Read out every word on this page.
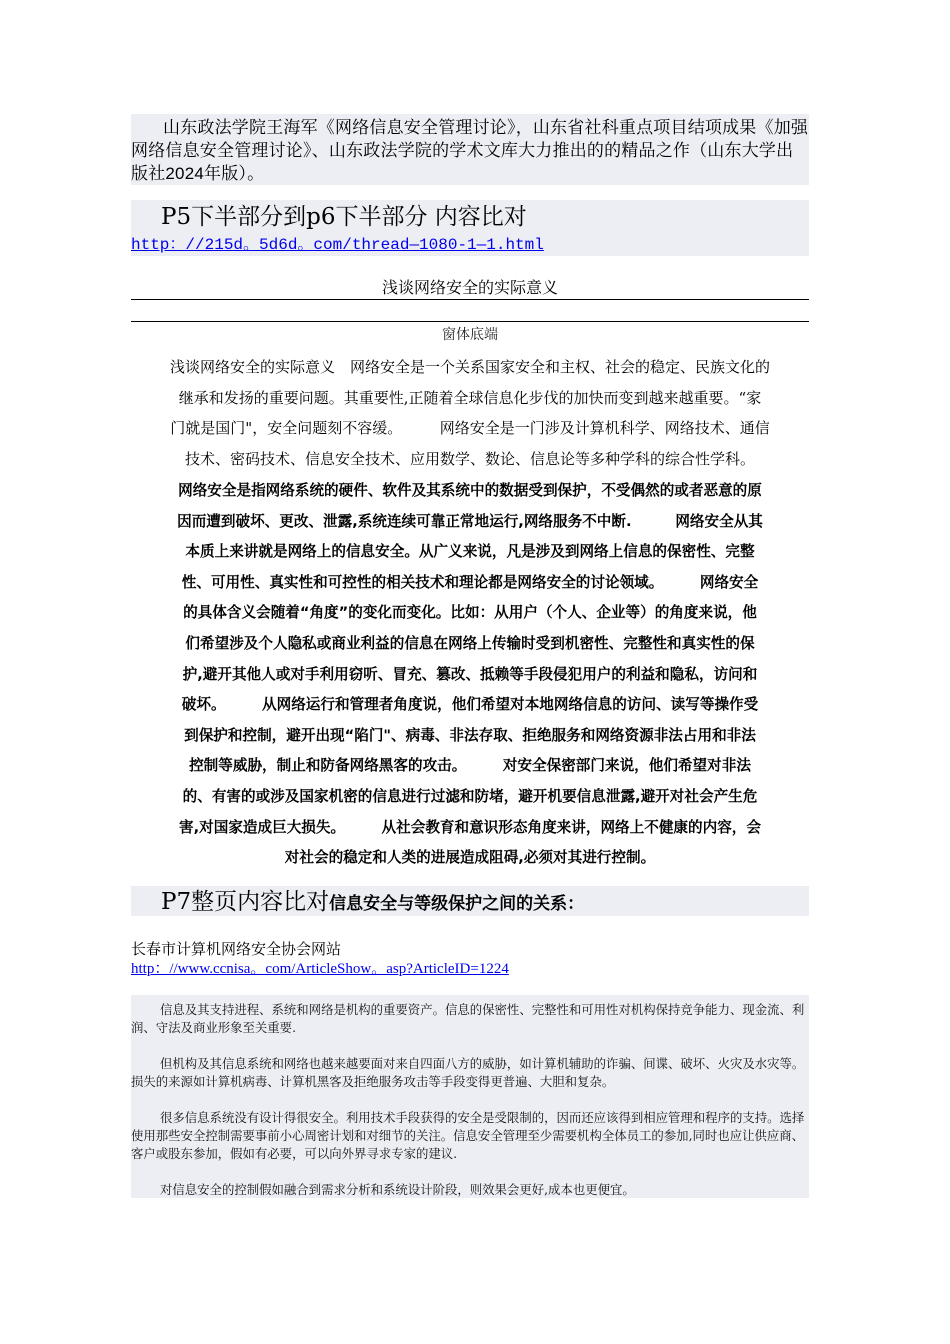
山东政法学院王海军《网络信息安全管理讨论》，山东省社科重点项目结项成果《加强网络信息安全管理讨论》、山东政法学院的学术文库大力推出的的精品之作（山东大学出版社2024年版）。

P5下半部分到p6下半部分 内容比对
http：//215d。5d6d。com/thread—1080-1—1.html
浅谈网络安全的实际意义
窗体底端
浅谈网络安全的实际意义　网络安全是一个关系国家安全和主权、社会的稳定、民族文化的
继承和发扬的重要问题。其重要性,正随着全球信息化步伐的加快而变到越来越重要。“家
门就是国门"，安全问题刻不容缓。　　　网络安全是一门涉及计算机科学、网络技术、通信
技术、密码技术、信息安全技术、应用数学、数论、信息论等多种学科的综合性学科。
网络安全是指网络系统的硬件、软件及其系统中的数据受到保护，不受偶然的或者恶意的原
因而遭到破坏、更改、泄露,系统连续可靠正常地运行,网络服务不中断.　　　网络安全从其
本质上来讲就是网络上的信息安全。从广义来说，凡是涉及到网络上信息的保密性、完整
性、可用性、真实性和可控性的相关技术和理论都是网络安全的讨论领域。　　　网络安全
的具体含义会随着“角度”的变化而变化。比如：从用户（个人、企业等）的角度来说，他
们希望涉及个人隐私或商业利益的信息在网络上传输时受到机密性、完整性和真实性的保
护,避开其他人或对手利用窃听、冒充、篡改、抵赖等手段侵犯用户的利益和隐私，访问和
破坏。　　　从网络运行和管理者角度说，他们希望对本地网络信息的访问、读写等操作受
到保护和控制，避开出现“陷门"、病毒、非法存取、拒绝服务和网络资源非法占用和非法
控制等威胁，制止和防备网络黑客的攻击。　　　对安全保密部门来说，他们希望对非法
的、有害的或涉及国家机密的信息进行过滤和防堵，避开机要信息泄露,避开对社会产生危
害,对国家造成巨大损失。　　　从社会教育和意识形态角度来讲，网络上不健康的内容，会
对社会的稳定和人类的进展造成阻碍,必须对其进行控制。
P7整页内容比对信息安全与等级保护之间的关系：
长春市计算机网络安全协会网站
http：//www.ccnisa。com/ArticleShow。asp?ArticleID=1224

信息及其支持进程、系统和网络是机构的重要资产。信息的保密性、完整性和可用性对机构保持竞争能力、现金流、利润、守法及商业形象至关重要.

但机构及其信息系统和网络也越来越要面对来自四面八方的威胁，如计算机辅助的诈骗、间谍、破坏、火灾及水灾等。损失的来源如计算机病毒、计算机黑客及拒绝服务攻击等手段变得更普遍、大胆和复杂。

很多信息系统没有设计得很安全。利用技术手段获得的安全是受限制的，因而还应该得到相应管理和程序的支持。选择使用那些安全控制需要事前小心周密计划和对细节的关注。信息安全管理至少需要机构全体员工的参加,同时也应让供应商、客户或股东参加，假如有必要，可以向外界寻求专家的建议.

对信息安全的控制假如融合到需求分析和系统设计阶段，则效果会更好,成本也更便宜。
